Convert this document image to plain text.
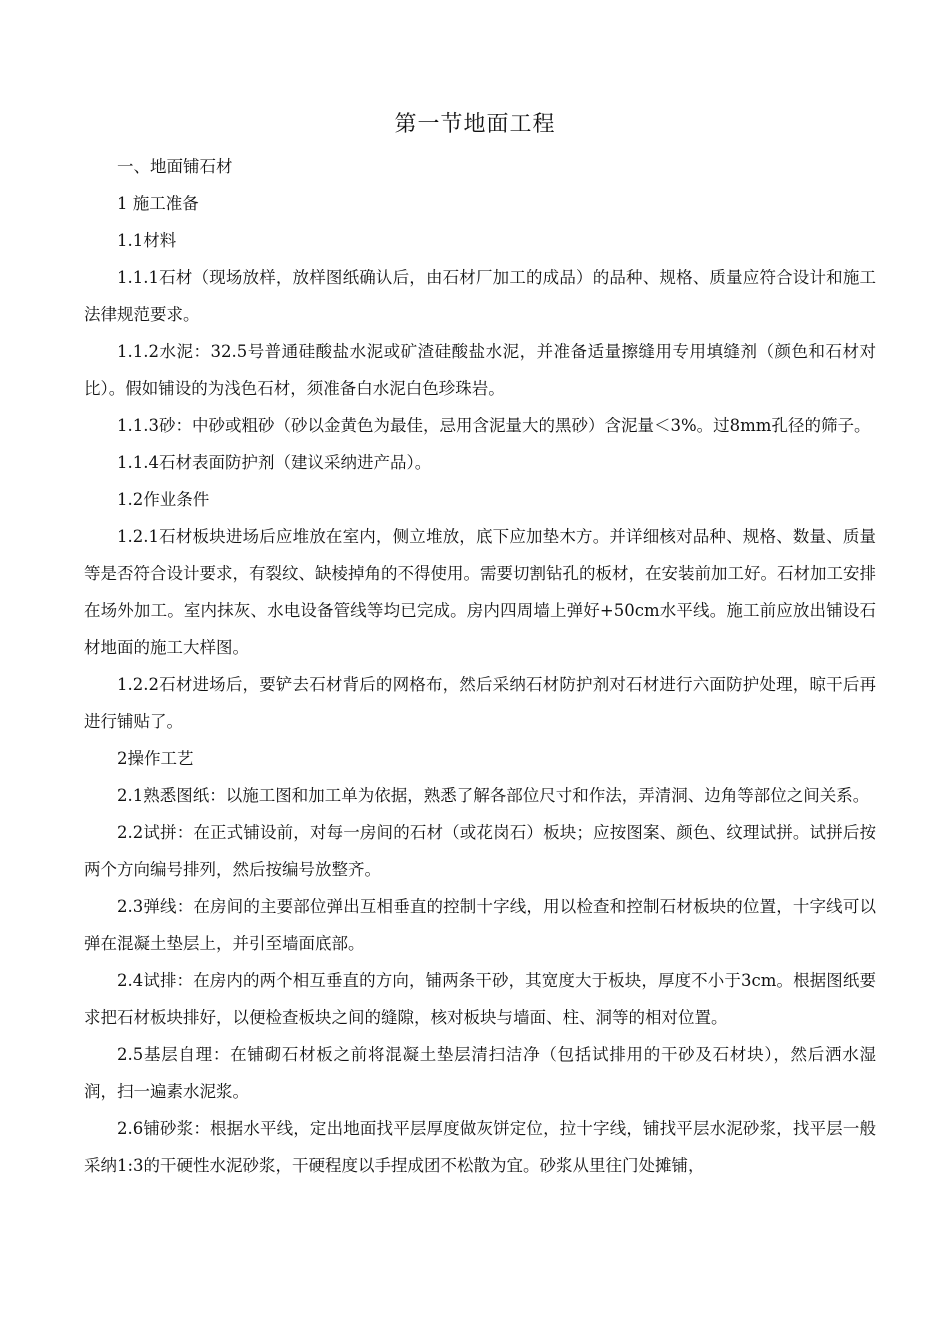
第一节地面工程

一、地面铺石材

1 施工准备

1.1材料

1.1.1石材（现场放样，放样图纸确认后，由石材厂加工的成品）的品种、规格、质量应符合设计和施工法律规范要求。

1.1.2水泥：32.5号普通硅酸盐水泥或矿渣硅酸盐水泥，并准备适量擦缝用专用填缝剂（颜色和石材对比）。假如铺设的为浅色石材，须准备白水泥白色珍珠岩。

1.1.3砂：中砂或粗砂（砂以金黄色为最佳，忌用含泥量大的黑砂）含泥量＜3%。过8mm孔径的筛子。

1.1.4石材表面防护剂（建议采纳进产品）。

1.2作业条件

1.2.1石材板块进场后应堆放在室内，侧立堆放，底下应加垫木方。并详细核对品种、规格、数量、质量等是否符合设计要求，有裂纹、缺棱掉角的不得使用。需要切割钻孔的板材，在安装前加工好。石材加工安排在场外加工。室内抹灰、水电设备管线等均已完成。房内四周墙上弹好+50cm水平线。施工前应放出铺设石材地面的施工大样图。

1.2.2石材进场后，要铲去石材背后的网格布，然后采纳石材防护剂对石材进行六面防护处理，晾干后再进行铺贴了。

2操作工艺

2.1熟悉图纸：以施工图和加工单为依据，熟悉了解各部位尺寸和作法，弄清洞、边角等部位之间关系。

2.2试拼：在正式铺设前，对每一房间的石材（或花岗石）板块；应按图案、颜色、纹理试拼。试拼后按两个方向编号排列，然后按编号放整齐。

2.3弹线：在房间的主要部位弹出互相垂直的控制十字线，用以检查和控制石材板块的位置，十字线可以弹在混凝土垫层上，并引至墙面底部。

2.4试排：在房内的两个相互垂直的方向，铺两条干砂，其宽度大于板块，厚度不小于3cm。根据图纸要求把石材板块排好，以便检查板块之间的缝隙，核对板块与墙面、柱、洞等的相对位置。

2.5基层自理：在铺砌石材板之前将混凝土垫层清扫洁净（包括试排用的干砂及石材块），然后洒水湿润，扫一遍素水泥浆。

2.6铺砂浆：根据水平线，定出地面找平层厚度做灰饼定位，拉十字线，铺找平层水泥砂浆，找平层一般采纳1:3的干硬性水泥砂浆，干硬程度以手捏成团不松散为宜。砂浆从里往门处摊铺，
